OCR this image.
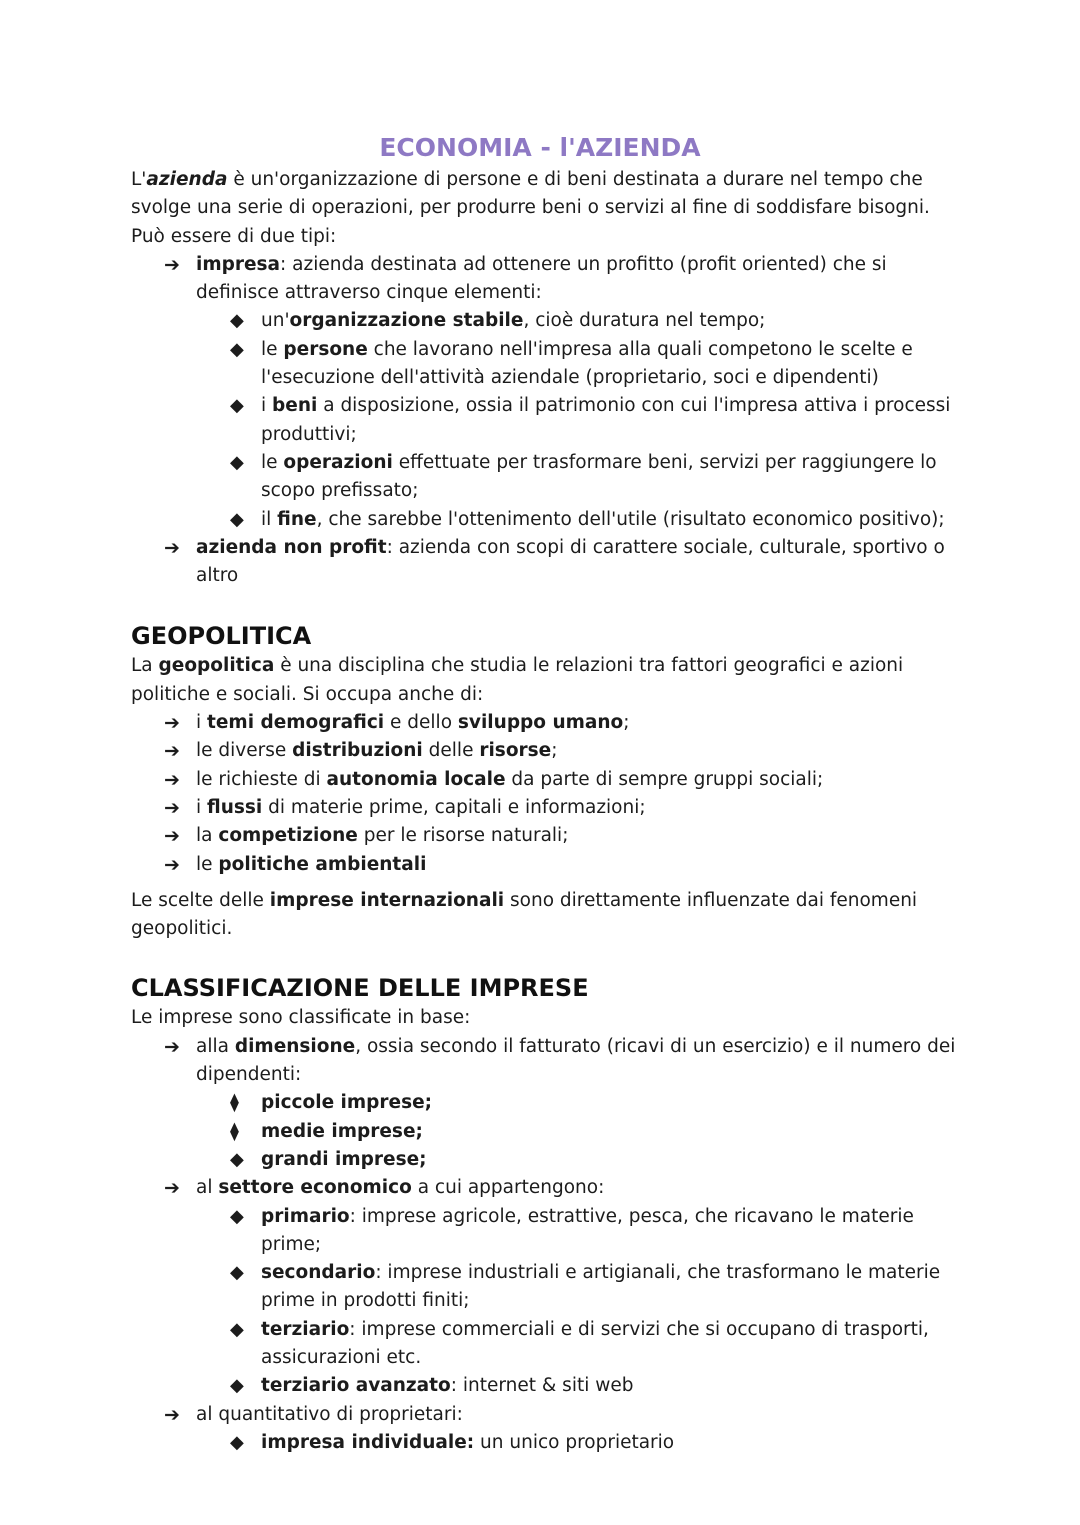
ECONOMIA - l'AZIENDA

L'azienda è un'organizzazione di persone e di beni destinata a durare nel tempo che svolge una serie di operazioni, per produrre beni o servizi al fine di soddisfare bisogni.

Può essere di due tipi:

➔ impresa: azienda destinata ad ottenere un profitto (profit oriented) che si definisce attraverso cinque elementi:
◆ un'organizzazione stabile, cioè duratura nel tempo;
◆ le persone che lavorano nell'impresa alla quali competono le scelte e l'esecuzione dell'attività aziendale (proprietario, soci e dipendenti)
◆ i beni a disposizione, ossia il patrimonio con cui l'impresa attiva i processi produttivi;
◆ le operazioni effettuate per trasformare beni, servizi per raggiungere lo scopo prefissato;
◆ il fine, che sarebbe l'ottenimento dell'utile (risultato economico positivo);
➔ azienda non profit: azienda con scopi di carattere sociale, culturale, sportivo o altro
GEOPOLITICA

La geopolitica è una disciplina che studia le relazioni tra fattori geografici e azioni politiche e sociali. Si occupa anche di:

➔ i temi demografici e dello sviluppo umano;
➔ le diverse distribuzioni delle risorse;
➔ le richieste di autonomia locale da parte di sempre gruppi sociali;
➔ i flussi di materie prime, capitali e informazioni;
➔ la competizione per le risorse naturali;
➔ le politiche ambientali

Le scelte delle imprese internazionali sono direttamente influenzate dai fenomeni geopolitici.

CLASSIFICAZIONE DELLE IMPRESE

Le imprese sono classificate in base:

➔ alla dimensione, ossia secondo il fatturato (ricavi di un esercizio) e il numero dei dipendenti:
⧫ piccole imprese;
⧫ medie imprese;
◆ grandi imprese;
➔ al settore economico a cui appartengono:
◆ primario: imprese agricole, estrattive, pesca, che ricavano le materie prime;
◆ secondario: imprese industriali e artigianali, che trasformano le materie prime in prodotti finiti;
◆ terziario: imprese commerciali e di servizi che si occupano di trasporti, assicurazioni etc.
◆ terziario avanzato: internet & siti web
➔ al quantitativo di proprietari:
◆ impresa individuale: un unico proprietario
